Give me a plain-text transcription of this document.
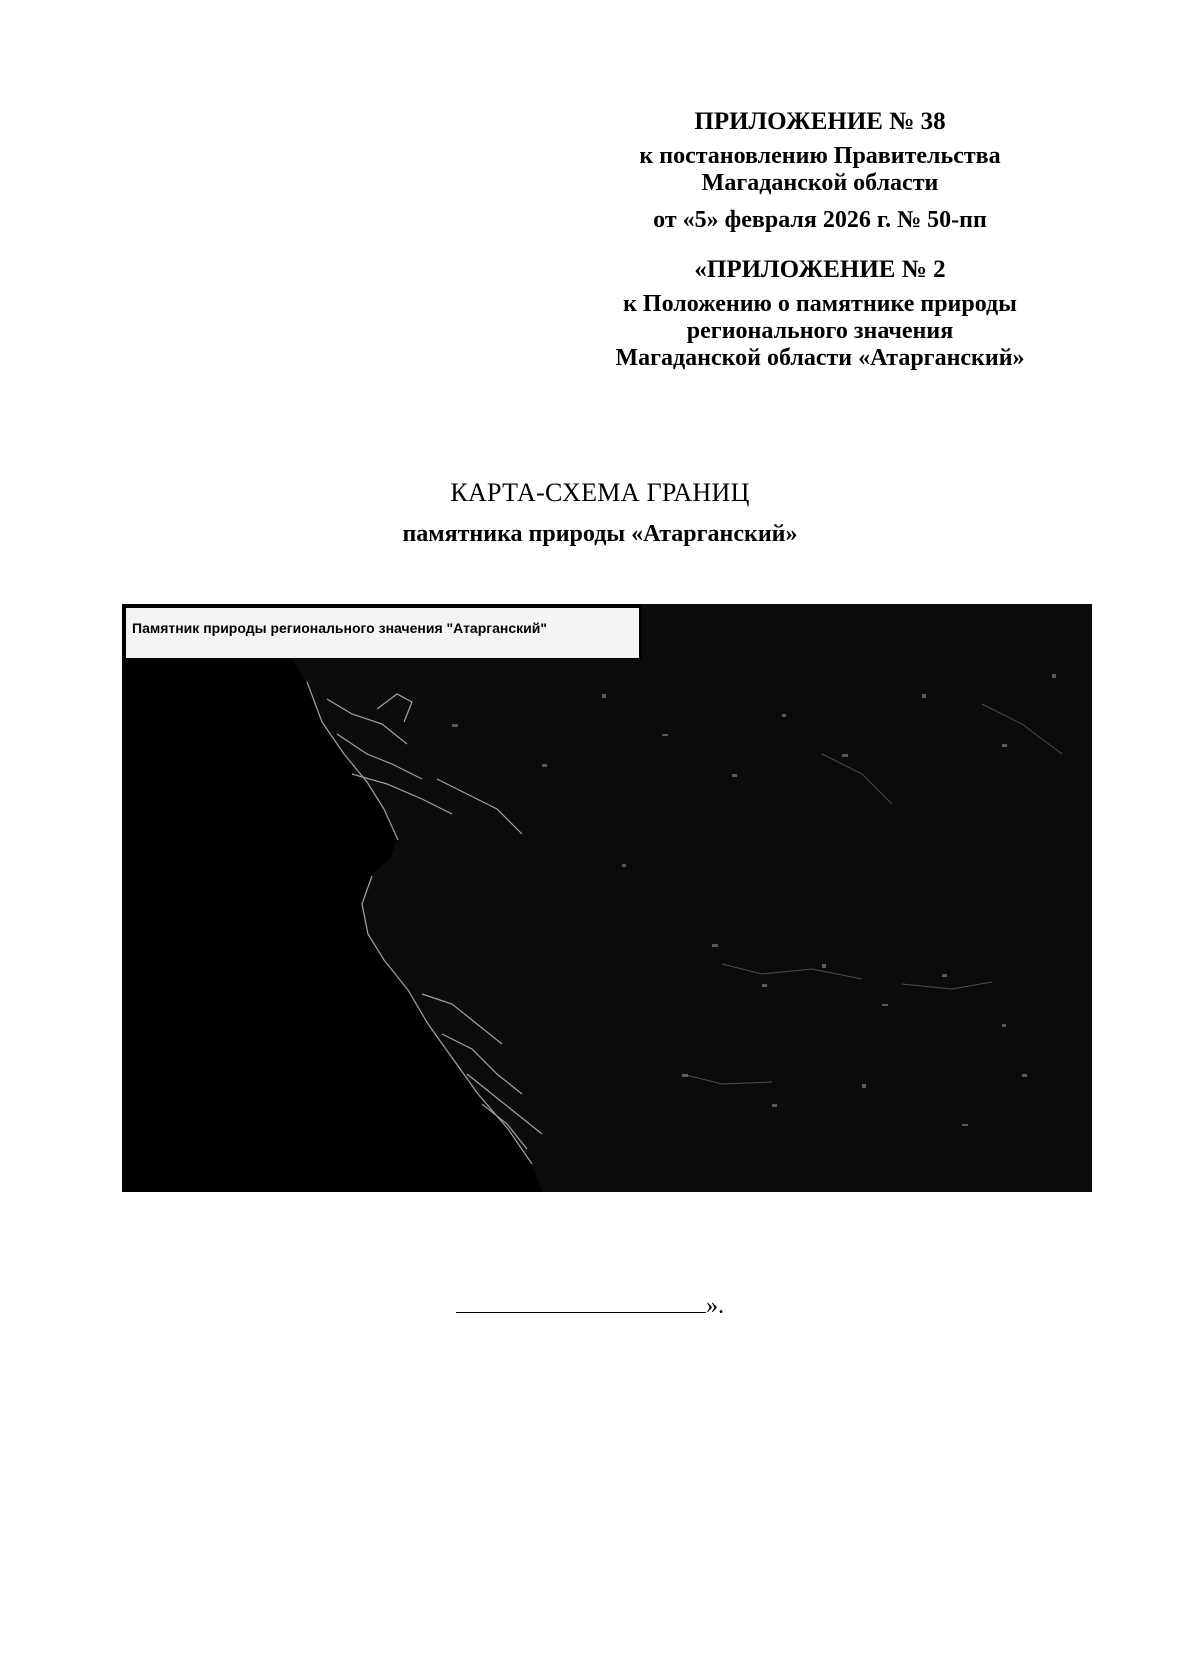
ПРИЛОЖЕНИЕ № 38
к постановлению Правительства
Магаданской области
от «5» февраля 2026 г. № 50-пп
«ПРИЛОЖЕНИЕ № 2
к Положению о памятнике природы
регионального значения
Магаданской области «Атарганский»
КАРТА-СХЕМА ГРАНИЦ
памятника природы «Атарганский»
Памятник природы регионального значения "Атарганский"
».
